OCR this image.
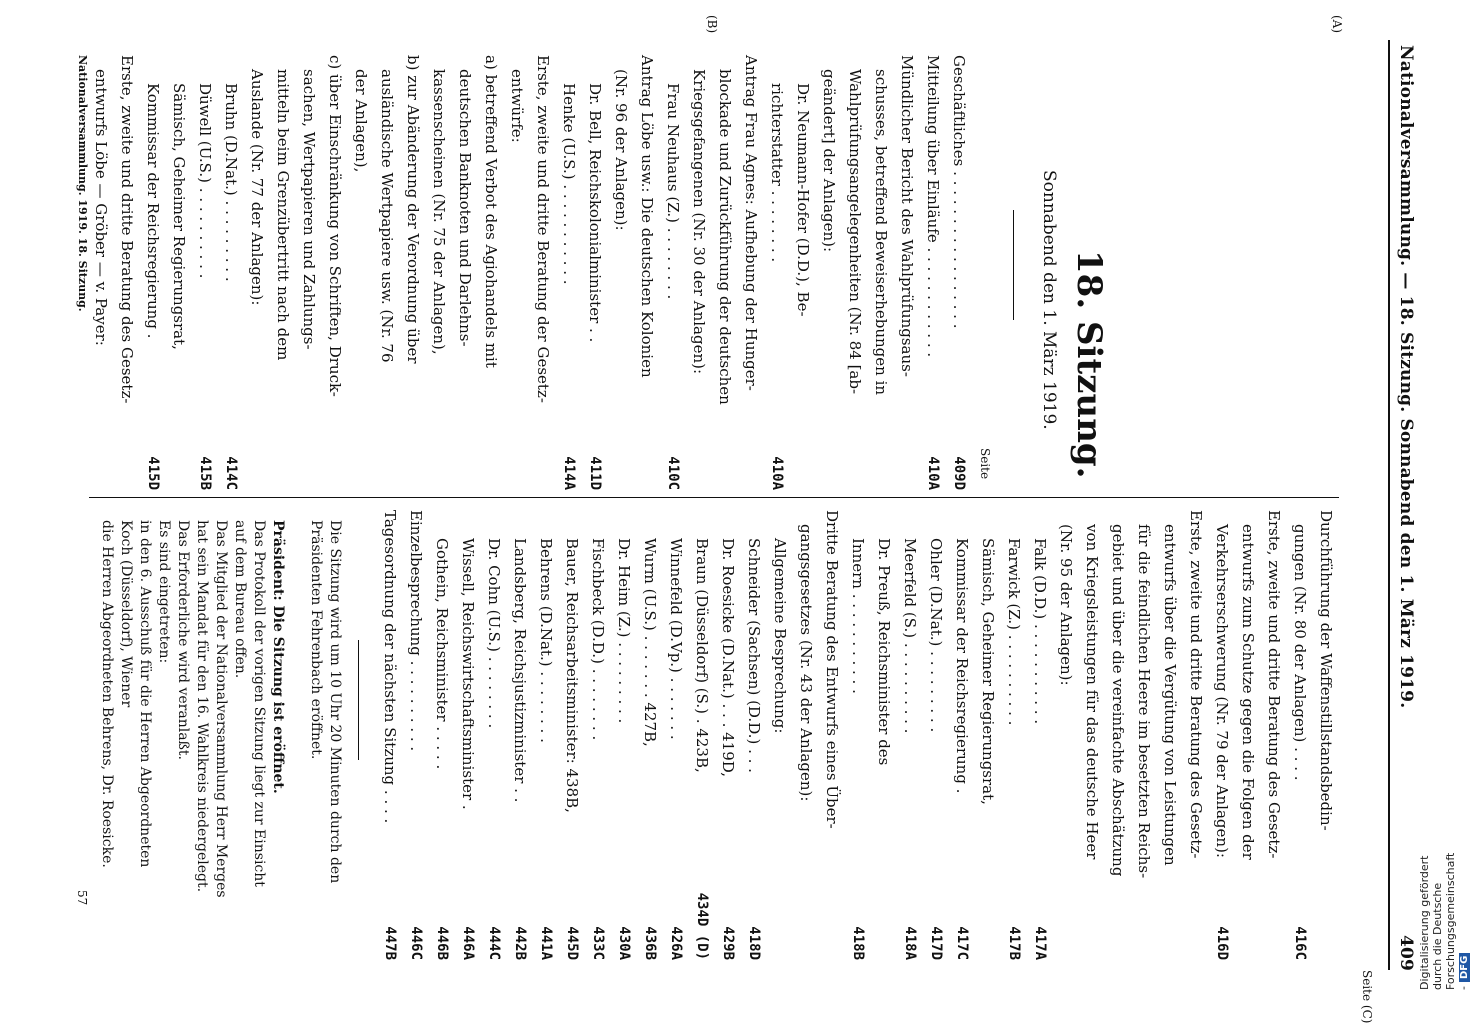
Nationalversammlung. — 18. Sitzung. Sonnabend den 1. März 1919.
409
(A)
(B)
Seite (C)
18. Sitzung.
Sonnabend den 1. März 1919.
Seite
Geschäftliches . . . . . . . . . . . . . . . . .
409D
Mitteilung über Einläufe . . . . . . . . . . . .
410A
Mündlicher Bericht des Wahlprüfungsaus-
schusses, betreffend Beweiserhebungen in
Wahlprüfungsangelegenheiten (Nr. 84 [ab-
geändert] der Anlagen):
Dr. Neumann-Hofer (D.D.), Be-
richterstatter . . . . . . . .
410A
Antrag Frau Agnes: Aufhebung der Hunger-
blockade und Zurückführung der deutschen
Kriegsgefangenen (Nr. 30 der Anlagen):
Frau Neuhaus (Z.) . . . . . . . .
410C
Antrag Löbe usw.: Die deutschen Kolonien
(Nr. 96 der Anlagen):
Dr. Bell, Reichskolonialminister . .
411D
Henke (U.S.) . . . . . . . . . . .
414A
Erste, zweite und dritte Beratung der Gesetz-
entwürfe:
a) betreffend Verbot des Agiohandels mit
deutschen Banknoten und Darlehns-
kassenscheinen (Nr. 75 der Anlagen),
b) zur Abänderung der Verordnung über
ausländische Wertpapiere usw. (Nr. 76
der Anlagen),
c) über Einschränkung von Schriften, Druck-
sachen, Wertpapieren und Zahlungs-
mitteln beim Grenzübertritt nach dem
Auslande (Nr. 77 der Anlagen):
Bruhn (D.Nat.) . . . . . . . . .
414C
Düwell (U.S.) . . . . . . . . . .
415B
Sämisch, Geheimer Regierungsrat,
Kommissar der Reichsregierung .
415D
Erste, zweite und dritte Beratung des Gesetz-
entwurfs Löbe — Gröber — v. Payer:
Nationalversammlung. 1919. 18. Sitzung.
Durchführung der Waffenstillstandsbedin-
gungen (Nr. 80 der Anlagen) . . . .
416C
Erste, zweite und dritte Beratung des Gesetz-
entwurfs zum Schutze gegen die Folgen der
Verkehrserschwerung (Nr. 79 der Anlagen):
416D
Erste, zweite und dritte Beratung des Gesetz-
entwurfs über die Vergütung von Leistungen
für die feindlichen Heere im besetzten Reichs-
gebiet und über die vereinfachte Abschätzung
von Kriegsleistungen für das deutsche Heer
(Nr. 95 der Anlagen):
Falk (D.D.) . . . . . . . . . . .
417A
Farwick (Z.) . . . . . . . . . .
417B
Sämisch, Geheimer Regierungsrat,
Kommissar der Reichsregierung .
417C
Ohler (D.Nat.) . . . . . . . . .
417D
Meerfeld (S.) . . . . . . . . . .
418A
Dr. Preuß, Reichsminister des
Innern . . . . . . . . . . .
418B
Dritte Beratung des Entwurfs eines Über-
gangsgesetzes (Nr. 43 der Anlagen):
Allgemeine Besprechung:
Schneider (Sachsen) (D.D.) . . .
418D
Dr. Roesicke (D.Nat.) . . . 419D,
429B
Braun (Düsseldorf) (S.) . 423B,
434D (D)
Winnefeld (D.Vp.) . . . . . . .
426A
Wurm (U.S.) . . . . . . . 427B,
436B
Dr. Heim (Z.) . . . . . . . . .
430A
Fischbeck (D.D.) . . . . . . . .
433C
Bauer, Reichsarbeitsminister: 438B,
445D
Behrens (D.Nat.) . . . . . . . .
441A
Landsberg, Reichsjustizminister . .
442B
Dr. Cohn (U.S.) . . . . . . . .
444C
Wissell, Reichswirtschaftsminister .
446A
Gothein, Reichsminister . . . . .
446B
Einzelbesprechung . . . . . . . . . .
446C
Tagesordnung der nächsten Sitzung . . . .
447B
Die Sitzung wird um 10 Uhr 20 Minuten durch den
Präsidenten Fehrenbach eröffnet.
Präsident: Die Sitzung ist eröffnet.
Das Protokoll der vorigen Sitzung liegt zur Einsicht
auf dem Bureau offen.
Das Mitglied der Nationalversammlung Herr Merges
hat sein Mandat für den 16. Wahlkreis niedergelegt.
Das Erforderliche wird veranlaßt.
Es sind eingetreten:
in den 6. Ausschuß für die Herren Abgeordneten
Koch (Düsseldorf), Wiener
die Herren Abgeordneten Behrens, Dr. Roesicke.
57	Digitalisierung gefördert durch die Deutsche Forschungsgemeinschaft -DFG
